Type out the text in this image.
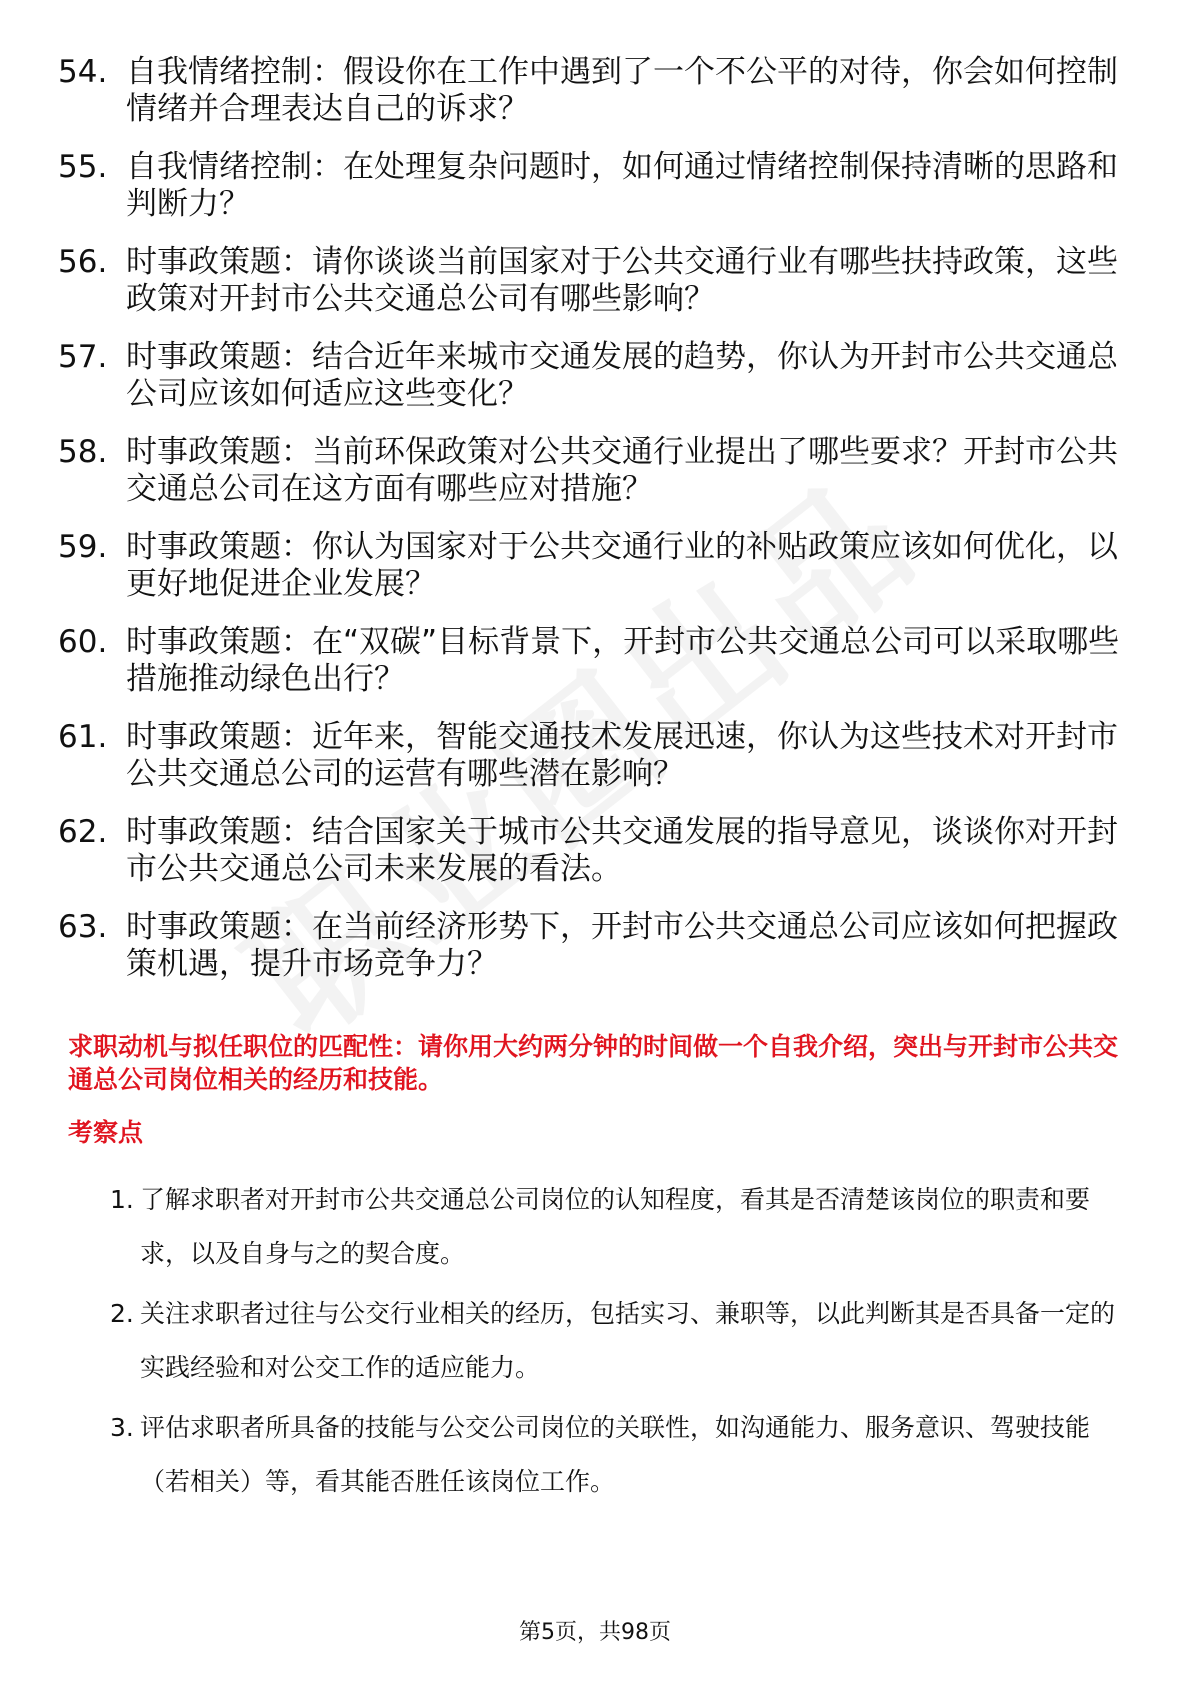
54. 自我情绪控制：假设你在工作中遇到了一个不公平的对待，你会如何控制情绪并合理表达自己的诉求？
55. 自我情绪控制：在处理复杂问题时，如何通过情绪控制保持清晰的思路和判断力？
56. 时事政策题：请你谈谈当前国家对于公共交通行业有哪些扶持政策，这些政策对开封市公共交通总公司有哪些影响？
57. 时事政策题：结合近年来城市交通发展的趋势，你认为开封市公共交通总公司应该如何适应这些变化？
58. 时事政策题：当前环保政策对公共交通行业提出了哪些要求？开封市公共交通总公司在这方面有哪些应对措施？
59. 时事政策题：你认为国家对于公共交通行业的补贴政策应该如何优化，以更好地促进企业发展？
60. 时事政策题：在“双碳”目标背景下，开封市公共交通总公司可以采取哪些措施推动绿色出行？
61. 时事政策题：近年来，智能交通技术发展迅速，你认为这些技术对开封市公共交通总公司的运营有哪些潜在影响？
62. 时事政策题：结合国家关于城市公共交通发展的指导意见，谈谈你对开封市公共交通总公司未来发展的看法。
63. 时事政策题：在当前经济形势下，开封市公共交通总公司应该如何把握政策机遇，提升市场竞争力？
求职动机与拟任职位的匹配性：请你用大约两分钟的时间做一个自我介绍，突出与开封市公共交通总公司岗位相关的经历和技能。
考察点
1. 了解求职者对开封市公共交通总公司岗位的认知程度，看其是否清楚该岗位的职责和要求，以及自身与之的契合度。
2. 关注求职者过往与公交行业相关的经历，包括实习、兼职等，以此判断其是否具备一定的实践经验和对公交工作的适应能力。
3. 评估求职者所具备的技能与公交公司岗位的关联性，如沟通能力、服务意识、驾驶技能（若相关）等，看其能否胜任该岗位工作。
第5页，共98页
